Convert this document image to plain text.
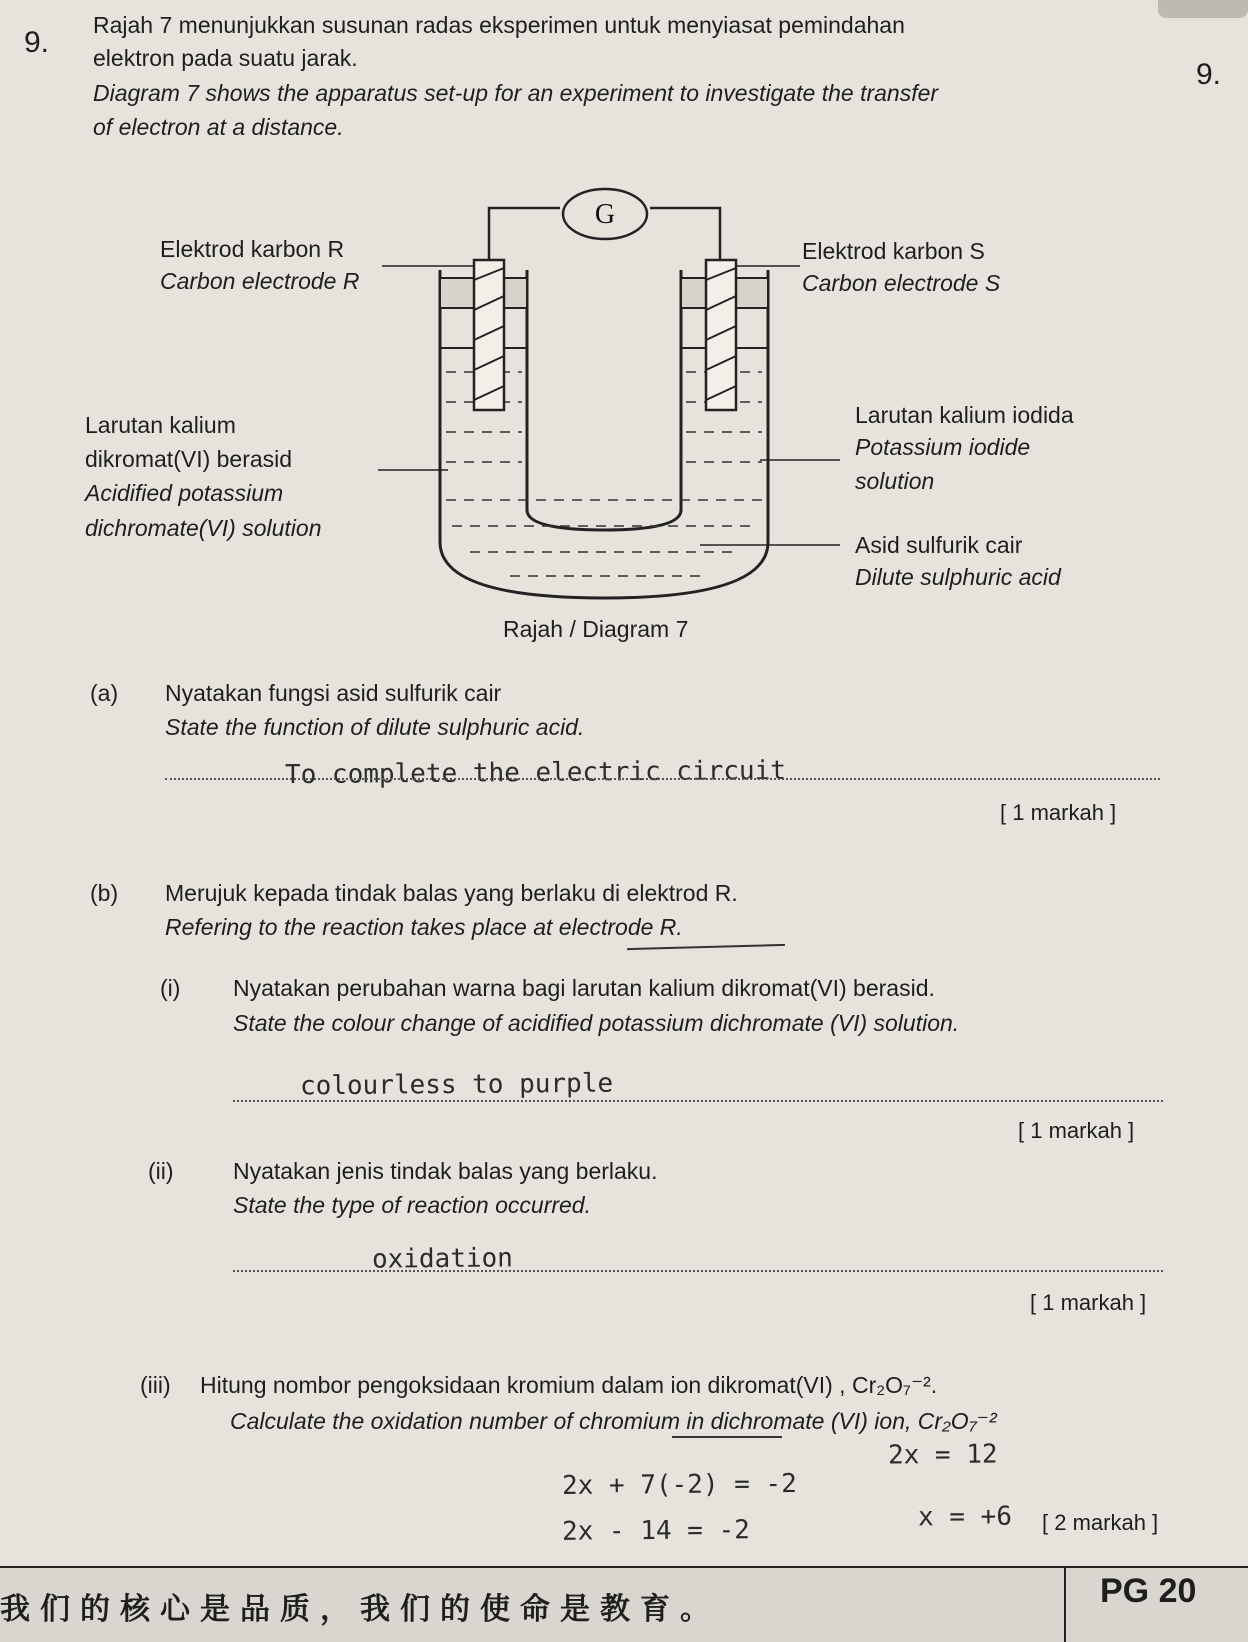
9.
Rajah 7 menunjukkan susunan radas eksperimen untuk menyiasat pemindahan
elektron pada suatu jarak.	9.
Diagram 7 shows the apparatus set-up for an experiment to investigate the transfer
of electron at a distance.
G
Elektrod karbon R
Carbon electrode R
Elektrod karbon S
Carbon electrode S
Larutan kalium
dikromat(VI) berasid
Acidified potassium
dichromate(VI) solution
Larutan kalium iodida
Potassium iodide
solution
Asid sulfurik cair
Dilute sulphuric acid
Rajah / Diagram 7
(a) Nyatakan fungsi asid sulfurik cair
State the function of dilute sulphuric acid.
To complete the electric circuit
[ 1 markah ]
(b) Merujuk kepada tindak balas yang berlaku di elektrod R.
Refering to the reaction takes place at electrode R.
(i) Nyatakan perubahan warna bagi larutan kalium dikromat(VI) berasid.
State the colour change of acidified potassium dichromate (VI) solution.
colourless to purple
[ 1 markah ]
(ii)	Nyatakan jenis tindak balas yang berlaku.
State the type of reaction occurred.
oxidation
[ 1 markah ]
(iii) Hitung nombor pengoksidaan kromium dalam ion dikromat(VI) , Cr₂O₇⁻².
Calculate the oxidation number of chromium in dichromate (VI) ion, Cr₂O₇⁻²
2x + 7(-2) = -2
2x - 14 = -2
2x = 12
x = +6 [ 2 markah ]
我们的核心是品质，我们的使命是教育。	PG 20
